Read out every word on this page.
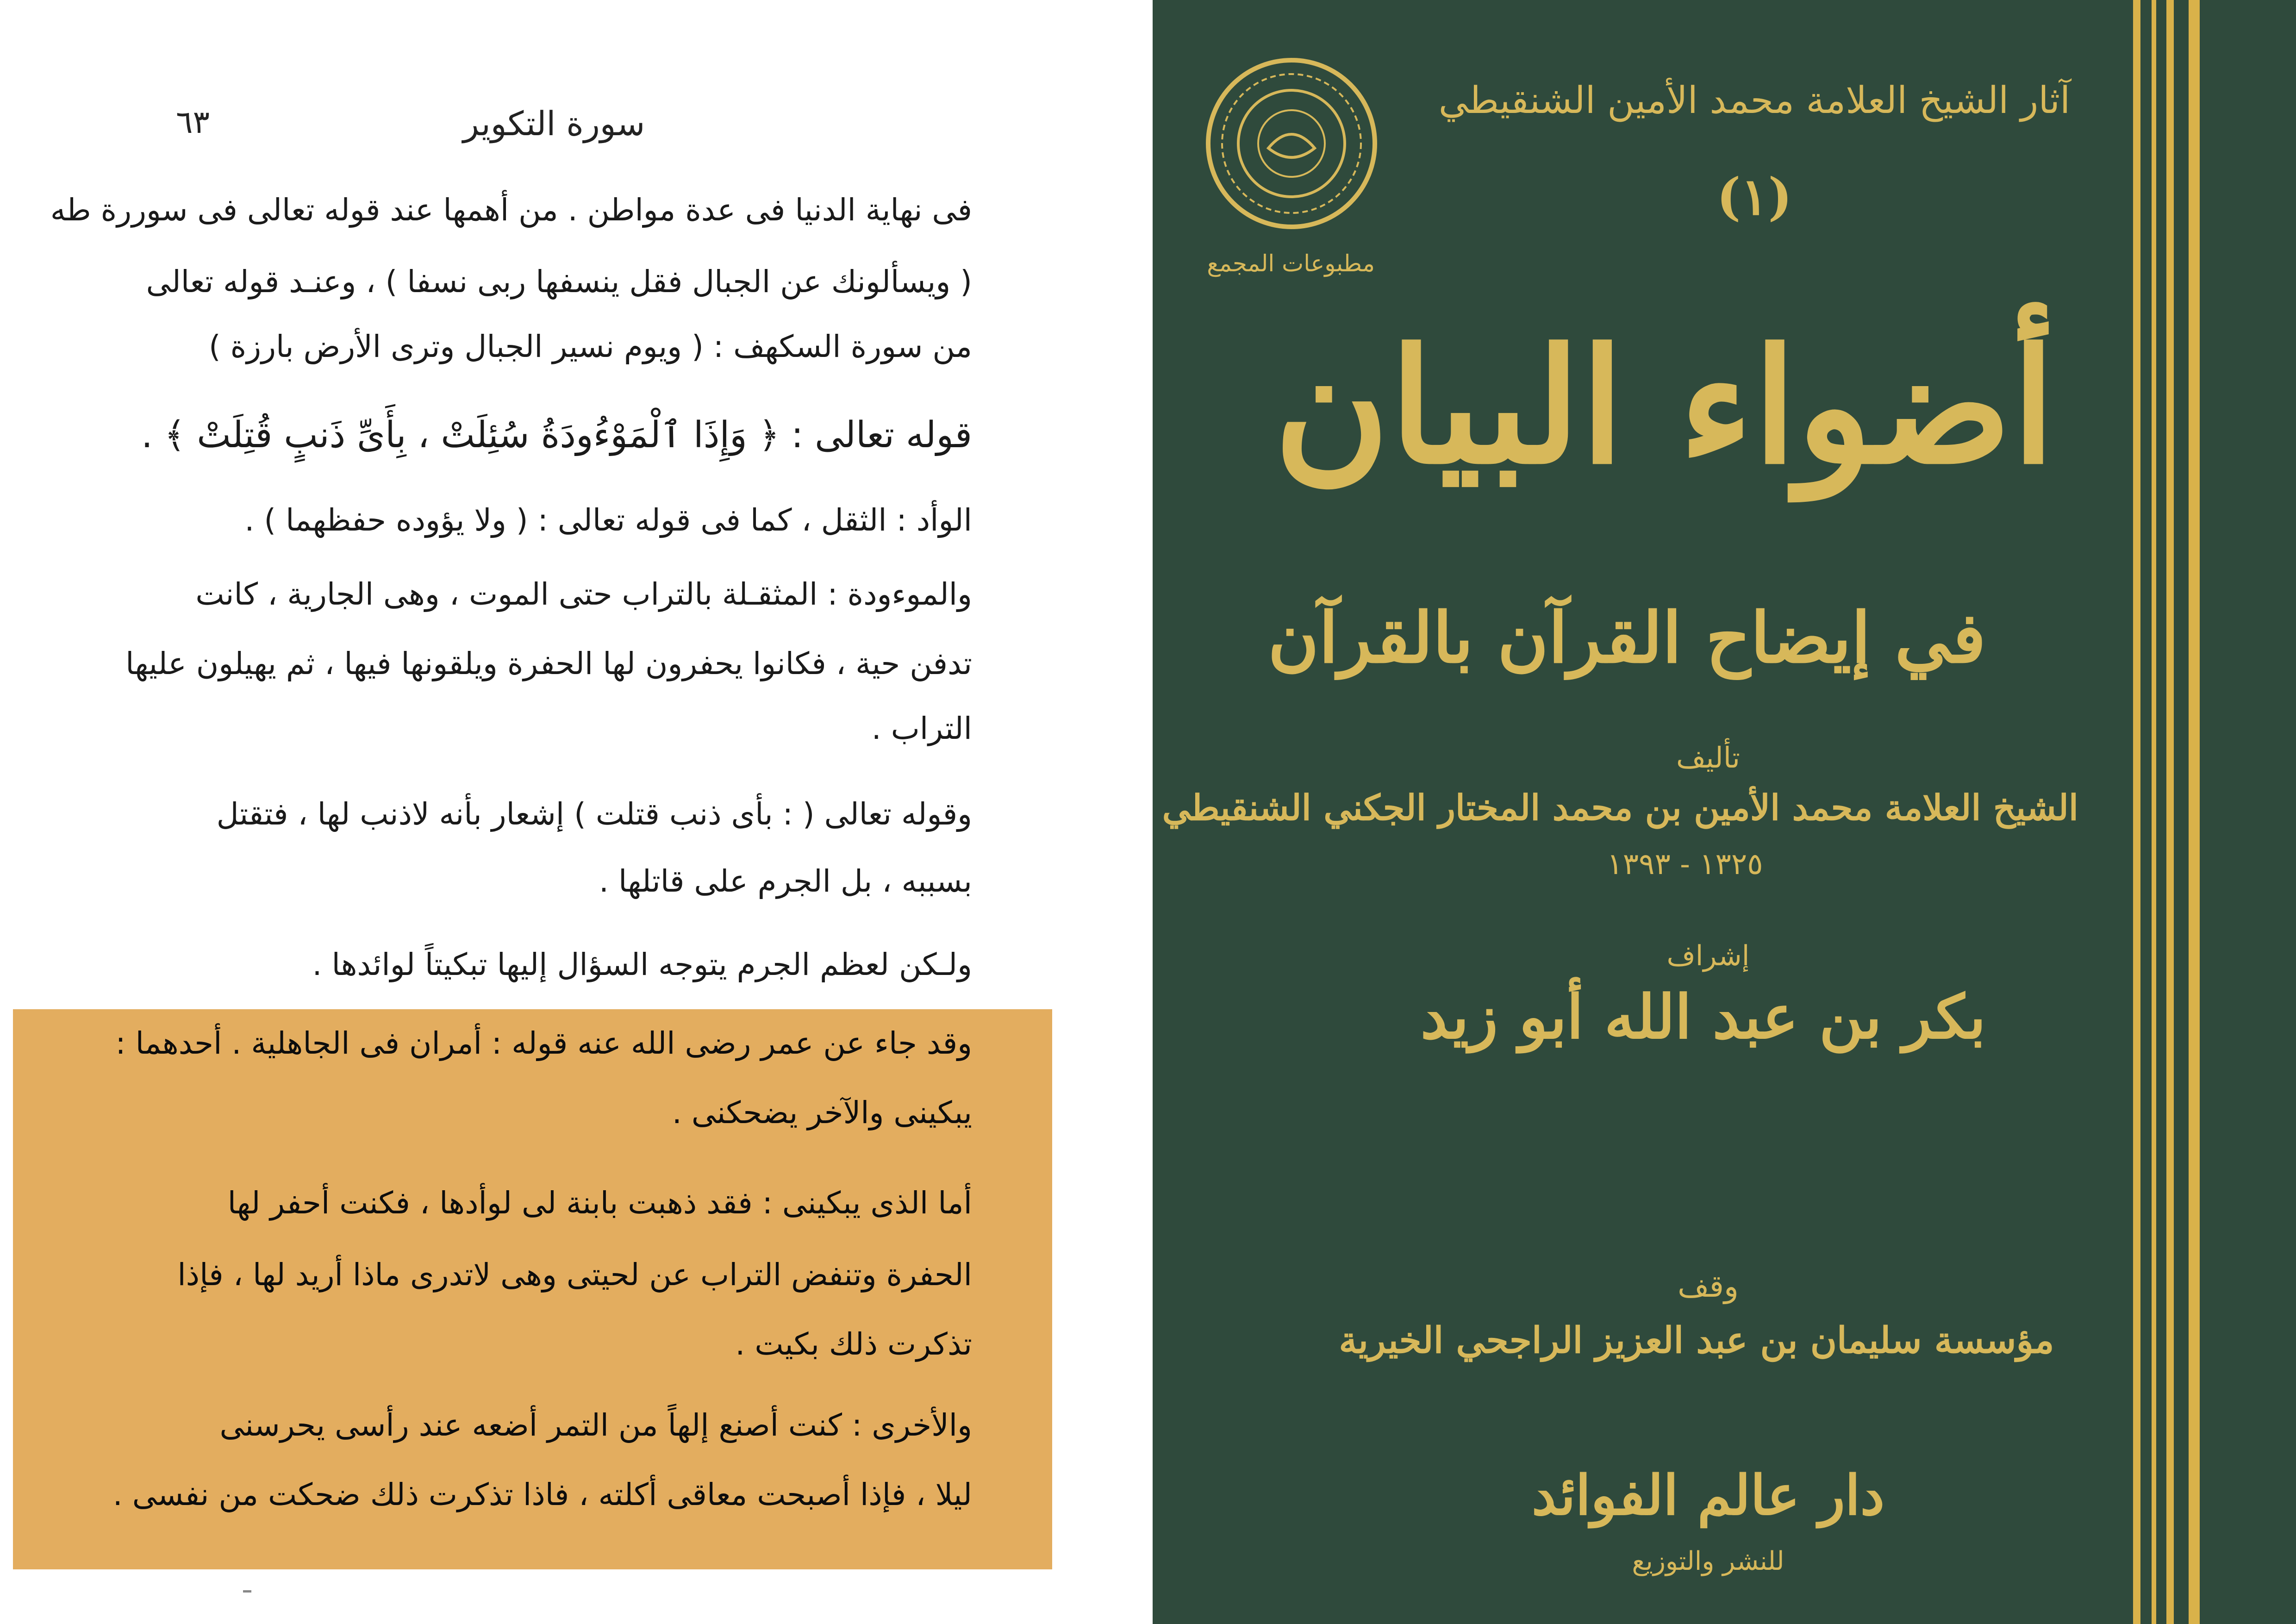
٦٣	سورة التكوير
فى نهاية الدنيا فى عدة مواطن . من أهمها عند قوله تعالى فى سوررة طه
( ويسألونك عن الجبال فقل ينسفها ربى نسفا ) ، وعنـد قوله تعالى
من سورة السكهف : ( ويوم نسير الجبال وترى الأرض بارزة )
قوله تعالى : ﴿ وَإِذَا ٱلْمَوْءُودَةُ سُئِلَتْ ، بِأَىِّ ذَنبٍ قُتِلَتْ ﴾ .
الوأد : الثقل ، كما فى قوله تعالى : ( ولا يؤوده حفظهما ) .
والموءودة : المثقـلة بالتراب حتى الموت ، وهى الجارية ، كانت
تدفن حية ، فكانوا يحفرون لها الحفرة ويلقونها فيها ، ثم يهيلون عليها
التراب .
وقوله تعالى ( : بأى ذنب قتلت ) إشعار بأنه لاذنب لها ، فتقتل
بسببه ، بل الجرم على قاتلها .
ولـكن لعظم الجرم يتوجه السؤال إليها تبكيتاً لوائدها .
وقد جاء عن عمر رضى الله عنه قوله : أمران فى الجاهلية . أحدهما :
يبكينى والآخر يضحكنى .
أما الذى يبكينى : فقد ذهبت بابنة لى لوأدها ، فكنت أحفر لها
الحفرة وتنفض التراب عن لحيتى وهى لاتدرى ماذا أريد لها ، فإذا
تذكرت ذلك بكيت .
والأخرى : كنت أصنع إلهاً من التمر أضعه عند رأسى يحرسنى
ليلا ، فإذا أصبحت معاقى أكلته ، فاذا تذكرت ذلك ضحكت من نفسى .
مطبوعات المجمع
آثار الشيخ العلامة محمد الأمين الشنقيطي
(١)
أضواء البيان
في إيضاح القرآن بالقرآن
تأليف
الشيخ العلامة محمد الأمين بن محمد المختار الجكني الشنقيطي
١٣٢٥ - ١٣٩٣
إشراف
بكر بن عبد الله أبو زيد
وقف
مؤسسة سليمان بن عبد العزيز الراجحي الخيرية
دار عالم الفوائد
للنشر والتوزيع
